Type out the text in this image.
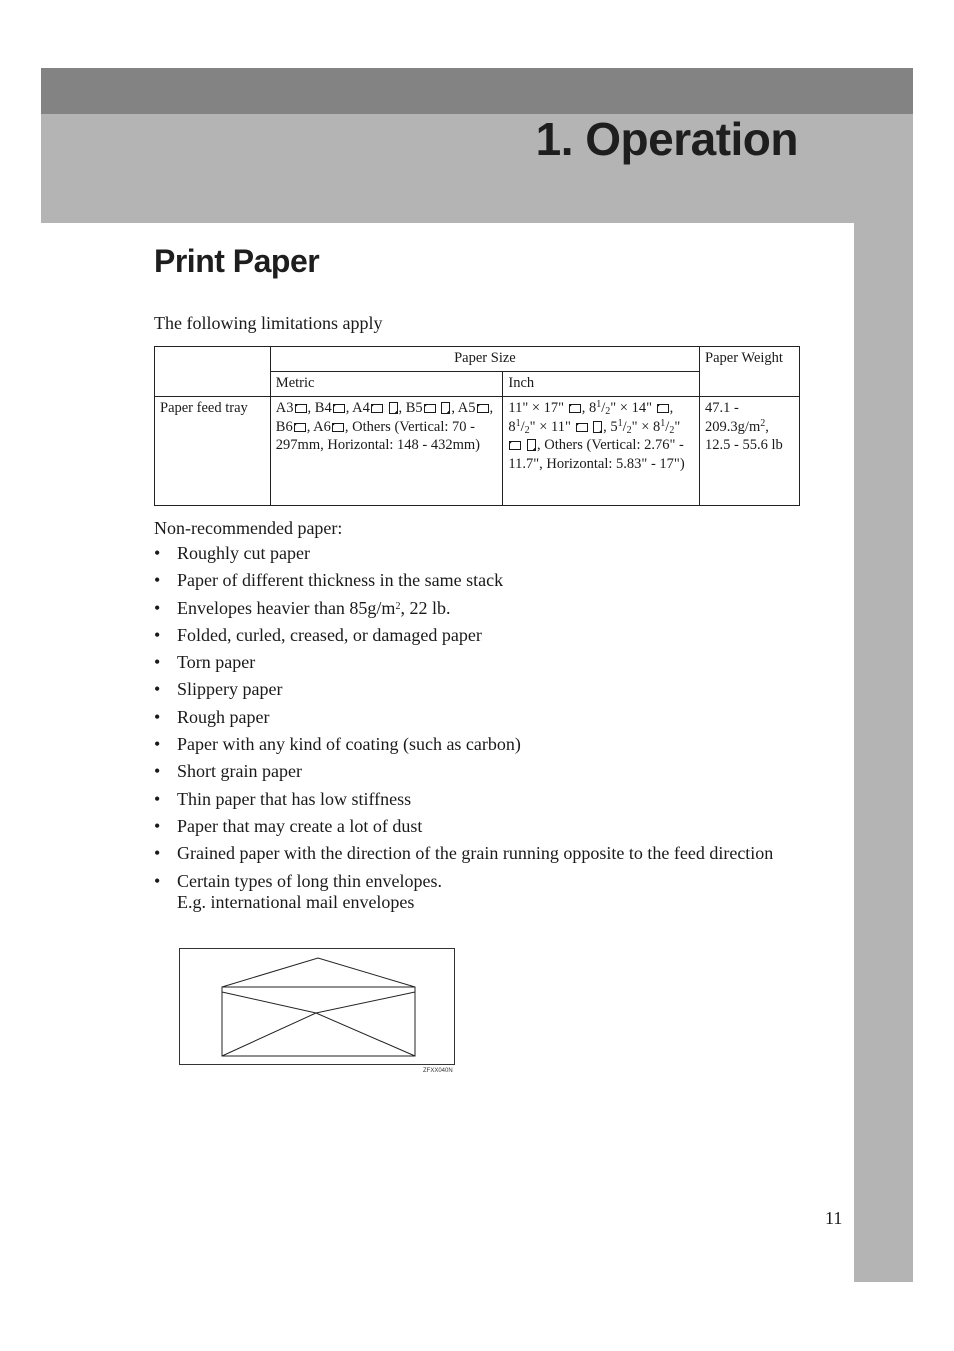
1. Operation
Print Paper
The following limitations apply
	Paper Size		Paper Weight
	Metric	Inch	
Paper feed tray	A3 , B4 , A4 , B5 , A5 , B6 , A6 , Others (Vertical: 70 - 297mm, Horizontal: 148 - 432mm)	11" × 17" , $8^1/_2$" × 14" , $8^1/_2$" × 11" , $5^1/_2$" × $8^1/_2$"  , Others (Vertical: 2.76" - 11.7", Horizontal: 5.83" - 17")	$47.1 - 209.3g/m^2$, 12.5 - 55.6 lb
Non-recommended paper:
• Roughly cut paper
• Paper of different thickness in the same stack
• Envelopes heavier than $85g/m^2$, 22 lb.
• Folded, curled, creased, or damaged paper
• Torn paper
• Slippery paper
• Rough paper
• Paper with any kind of coating (such as carbon)
• Short grain paper
• Thin paper that has low stiffness
• Paper that may create a lot of dust
• Grained paper with the direction of the grain running opposite to the feed direction
• Certain types of long thin envelopes.
E.g. international mail envelopes
ZFXX040N
11
